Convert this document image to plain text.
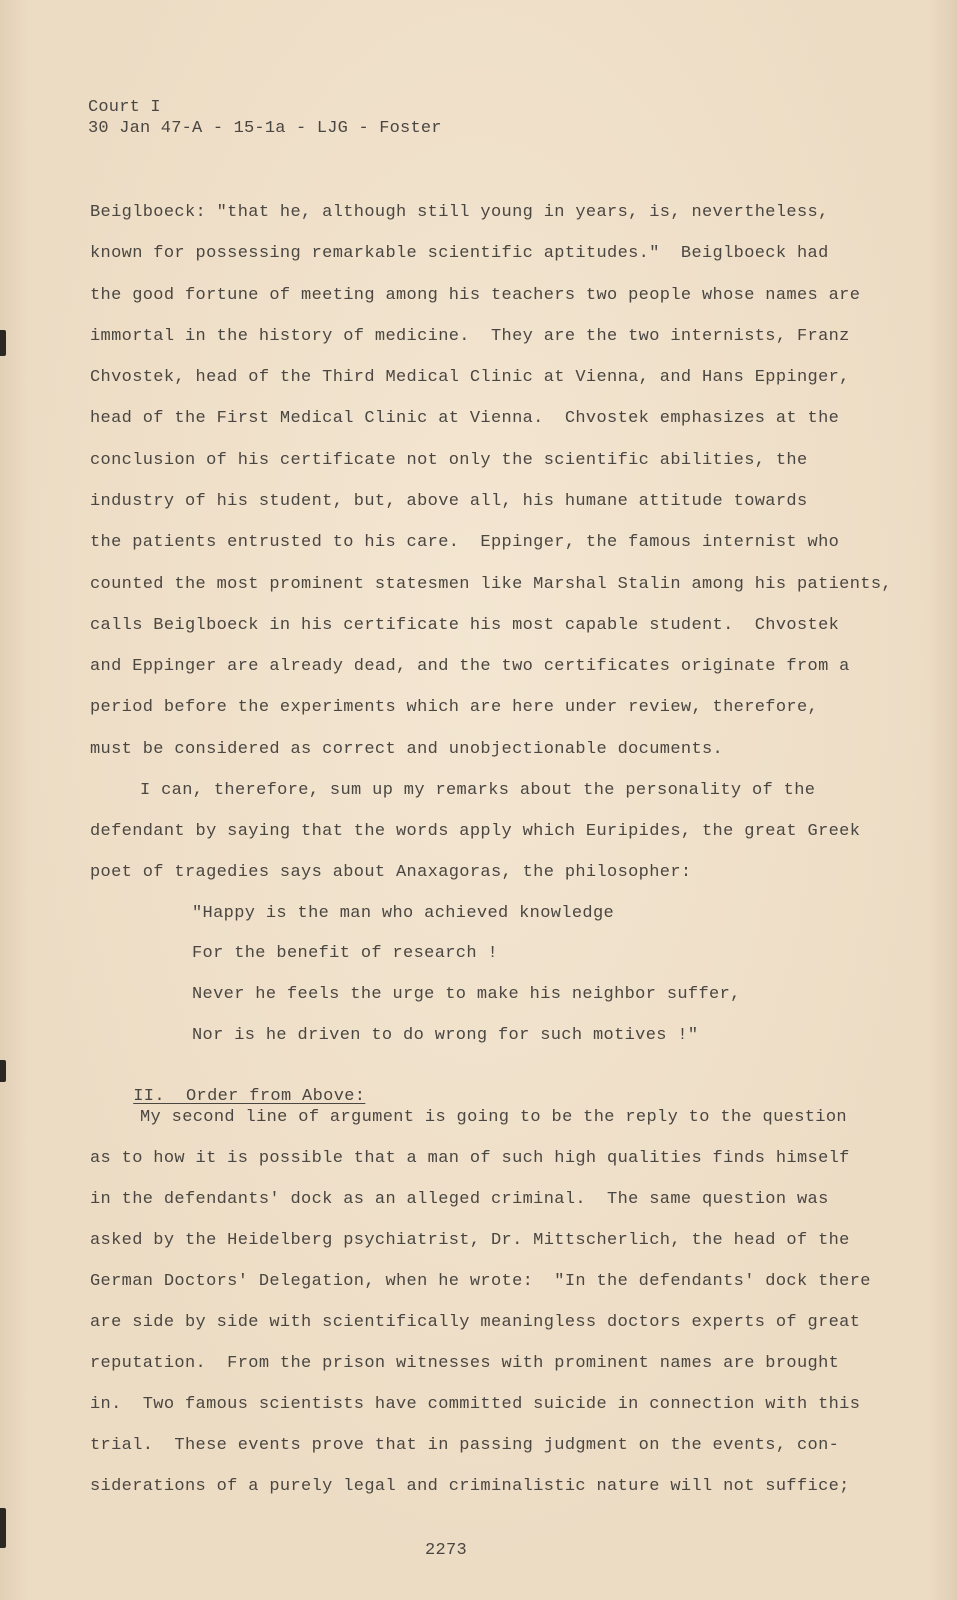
Court I
30 Jan 47-A - 15-1a - LJG - Foster
Beiglboeck: "that he, although still young in years, is, nevertheless,
known for possessing remarkable scientific aptitudes."  Beiglboeck had
the good fortune of meeting among his teachers two people whose names are
immortal in the history of medicine.  They are the two internists, Franz
Chvostek, head of the Third Medical Clinic at Vienna, and Hans Eppinger,
head of the First Medical Clinic at Vienna.  Chvostek emphasizes at the
conclusion of his certificate not only the scientific abilities, the
industry of his student, but, above all, his humane attitude towards
the patients entrusted to his care.  Eppinger, the famous internist who
counted the most prominent statesmen like Marshal Stalin among his patients,
calls Beiglboeck in his certificate his most capable student.  Chvostek
and Eppinger are already dead, and the two certificates originate from a
period before the experiments which are here under review, therefore,
must be considered as correct and unobjectionable documents.
I can, therefore, sum up my remarks about the personality of the
defendant by saying that the words apply which Euripides, the great Greek
poet of tragedies says about Anaxagoras, the philosopher:
"Happy is the man who achieved knowledge
For the benefit of research !
Never he feels the urge to make his neighbor suffer,
Nor is he driven to do wrong for such motives !"

II.  Order from Above:

My second line of argument is going to be the reply to the question
as to how it is possible that a man of such high qualities finds himself
in the defendants' dock as an alleged criminal.  The same question was
asked by the Heidelberg psychiatrist, Dr. Mittscherlich, the head of the
German Doctors' Delegation, when he wrote:  "In the defendants' dock there
are side by side with scientifically meaningless doctors experts of great
reputation.  From the prison witnesses with prominent names are brought
in.  Two famous scientists have committed suicide in connection with this
trial.  These events prove that in passing judgment on the events, con-
siderations of a purely legal and criminalistic nature will not suffice;
2273
